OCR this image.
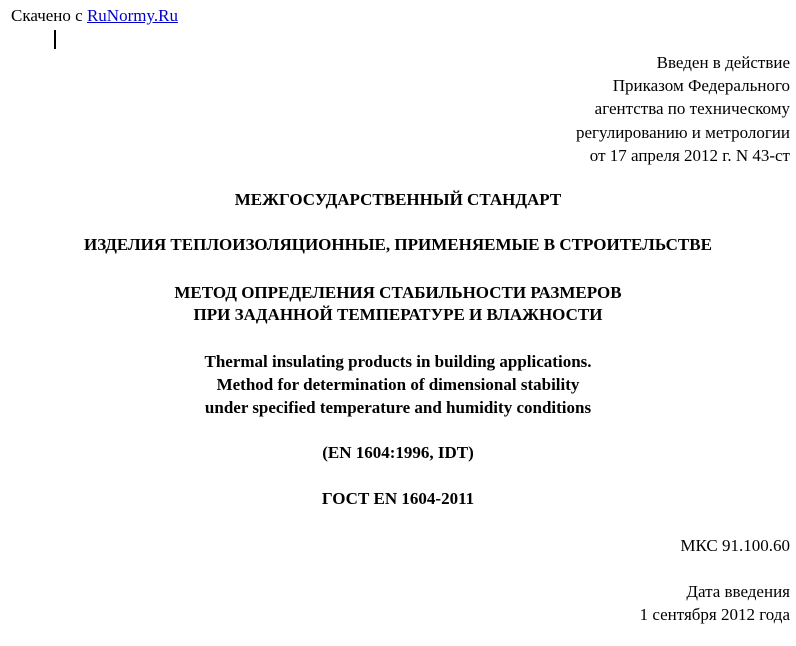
Скачено с RuNormy.Ru
Введен в действие
Приказом Федерального
агентства по техническому
регулированию и метрологии
от 17 апреля 2012 г. N 43-ст
МЕЖГОСУДАРСТВЕННЫЙ СТАНДАРТ
ИЗДЕЛИЯ ТЕПЛОИЗОЛЯЦИОННЫЕ, ПРИМЕНЯЕМЫЕ В СТРОИТЕЛЬСТВЕ
МЕТОД ОПРЕДЕЛЕНИЯ СТАБИЛЬНОСТИ РАЗМЕРОВ
ПРИ ЗАДАННОЙ ТЕМПЕРАТУРЕ И ВЛАЖНОСТИ
Thermal insulating products in building applications.
Method for determination of dimensional stability
under specified temperature and humidity conditions
(EN 1604:1996, IDT)
ГОСТ EN 1604-2011
МКС 91.100.60
Дата введения
1 сентября 2012 года
